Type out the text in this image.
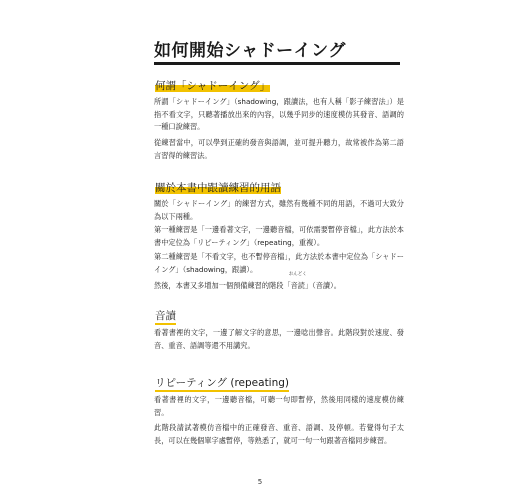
如何開始シャドーイング
何謂「シャドーイング」

所謂「シャドーイング」（shadowing，跟讀法，也有人稱「影子練習法」）是指不看文字，只聽著播放出來的內容，以幾乎同步的速度模仿其發音、語調的一種口說練習。

從練習當中，可以學到正確的發音與語調，並可提升聽力，故常被作為第二語言習得的練習法。

關於本書中跟讀練習的用語

關於「シャドーイング」的練習方式，雖然有幾種不同的用語，不過可大致分為以下兩種。

第一種練習是「一邊看著文字，一邊聽音檔，可依需要暫停音檔」，此方法於本書中定位為「リピーティング」（repeating，重複）。

第二種練習是「不看文字，也不暫停音檔」，此方法於本書中定位為「シャドーイング」（shadowing，跟讀）。

然後，本書又多增加一個預備練習的階段「
おんどく
音読」（音讀）。

音讀

看著書裡的文字，一邊了解文字的意思，一邊唸出聲音。此階段對於速度、發音、重音、語調等還不用講究。

リピーティング (repeating)

看著書裡的文字，一邊聽音檔，可聽一句即暫停，然後用同樣的速度模仿練習。

此階段請試著模仿音檔中的正確發音、重音、語調、及停頓。若覺得句子太長，可以在幾個單字處暫停，等熟悉了，就可一句一句跟著音檔同步練習。

5
